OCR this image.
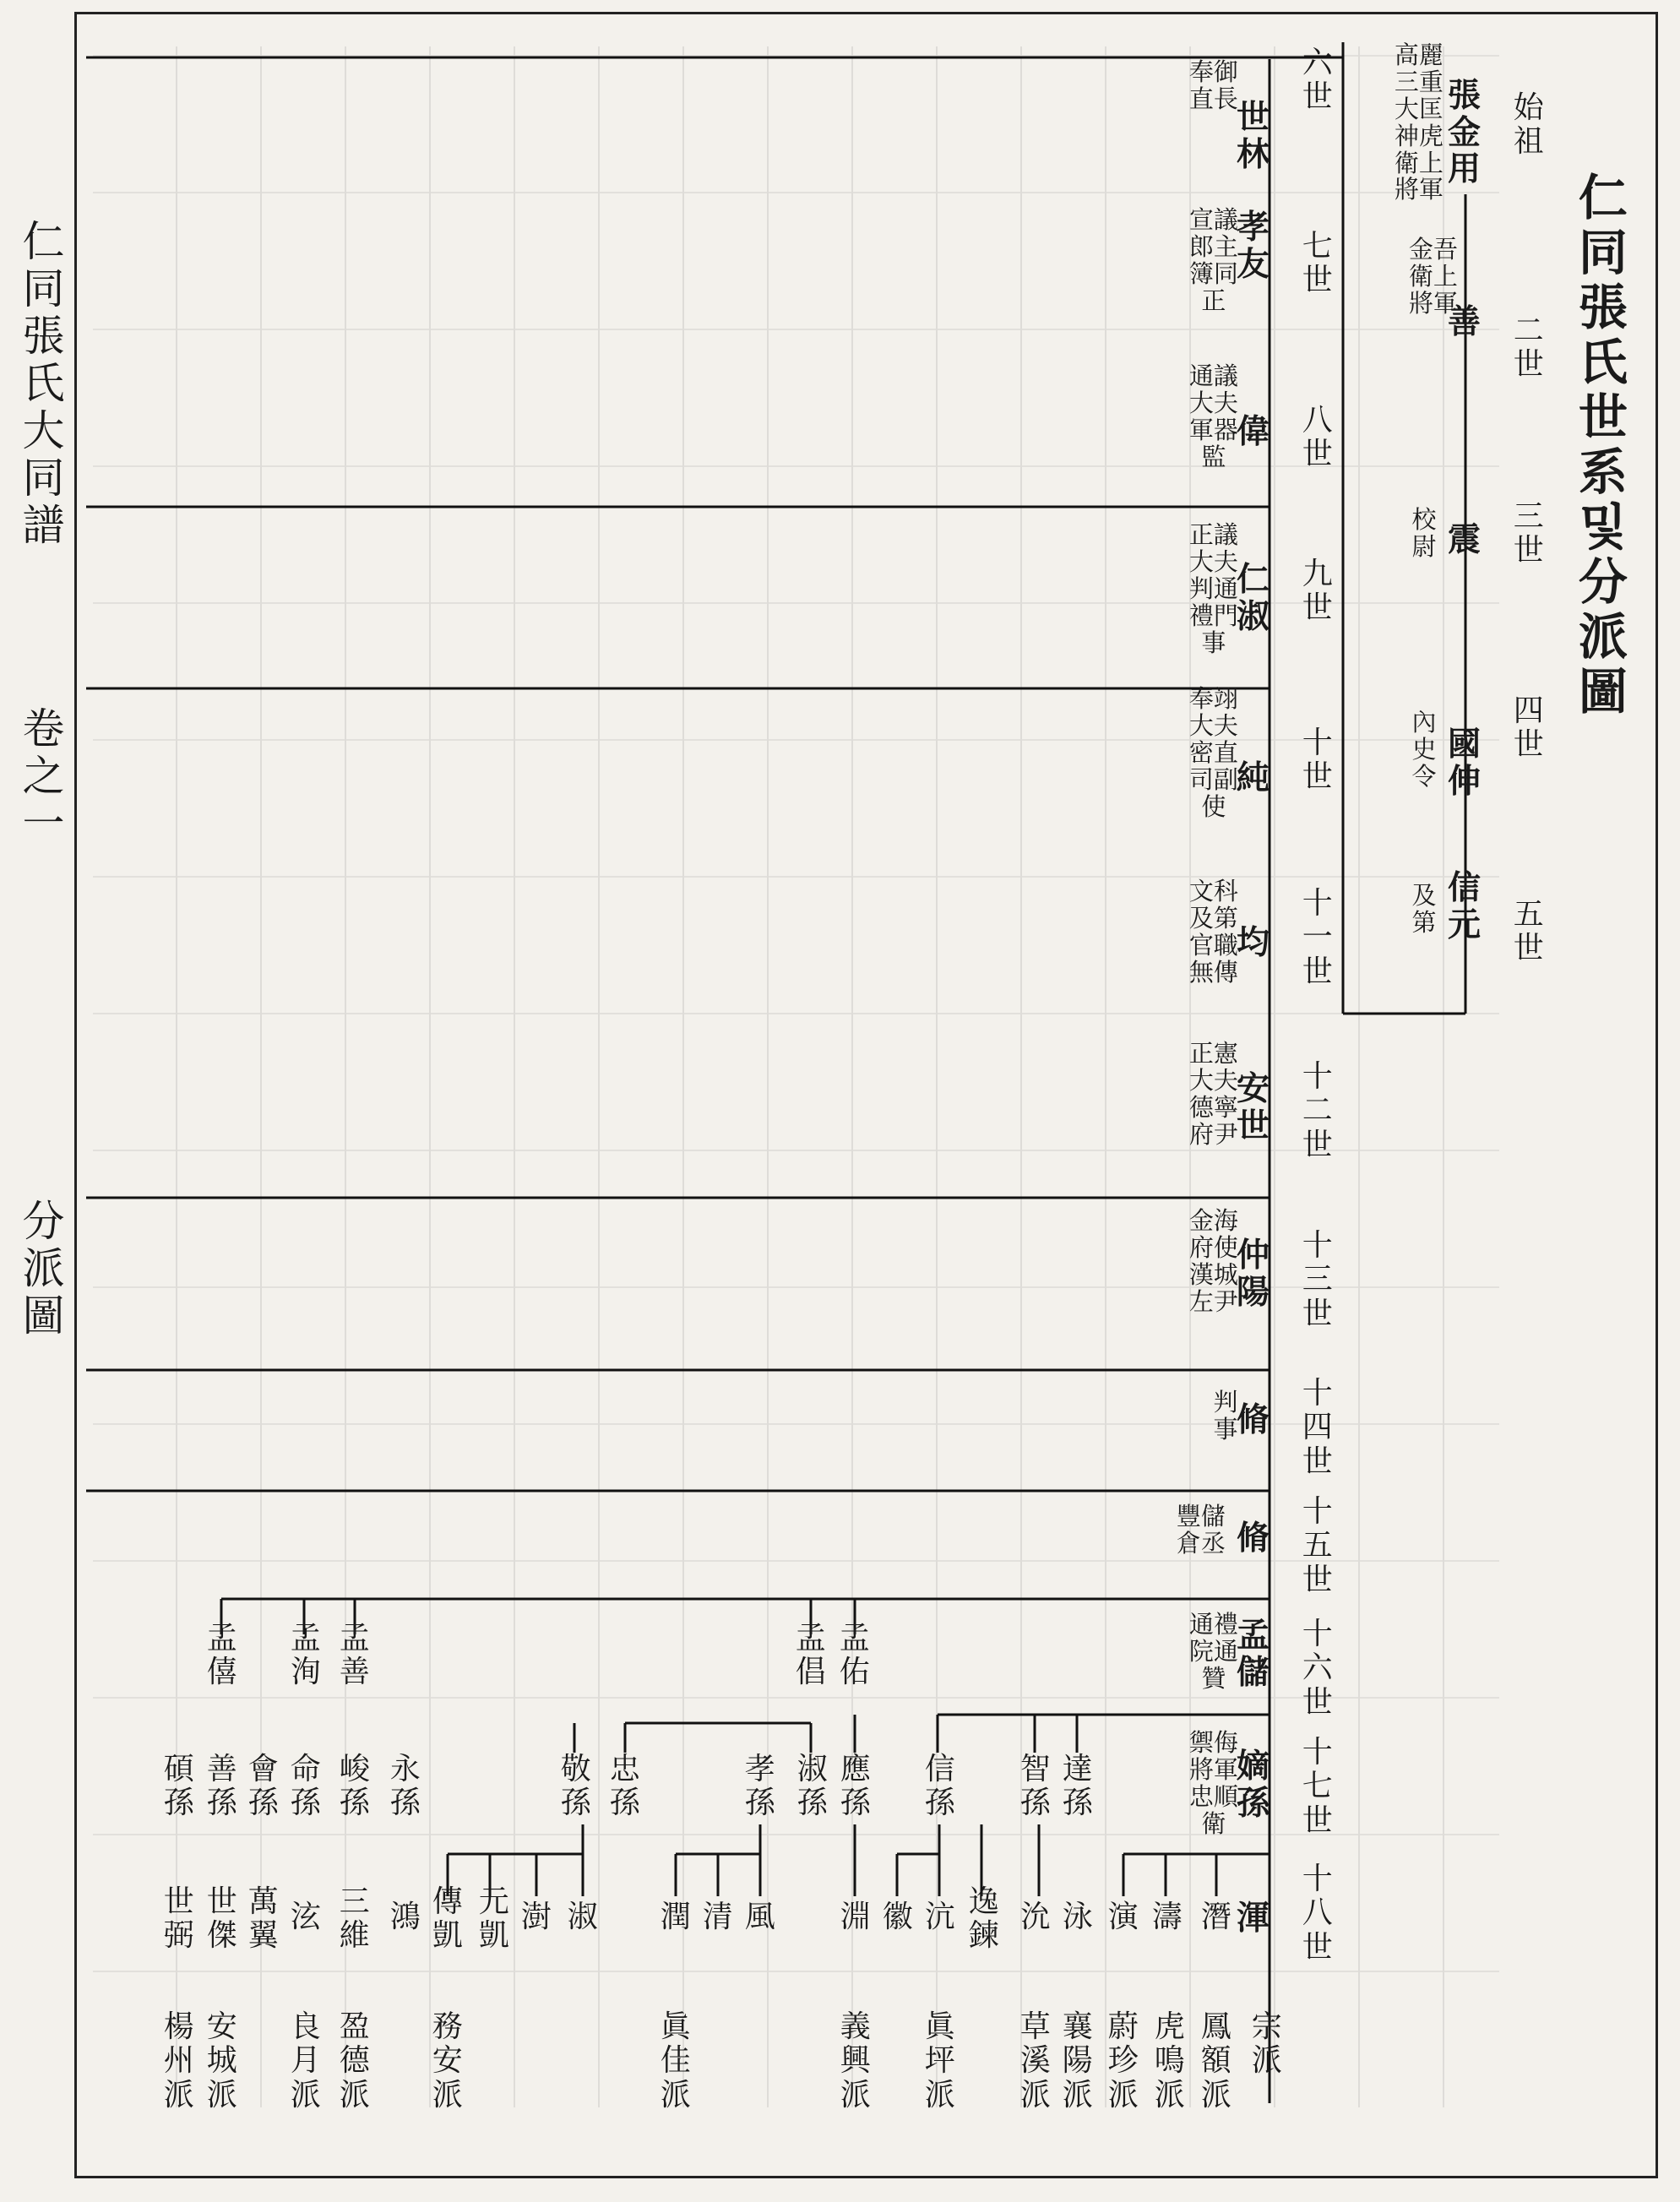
仁同張氏大同譜
卷之一
分派圖
仁同張氏 世系및 分派圖
始祖
二世
三世
四世
五世
六世
七世
八世
九世
十世
十一世
十二世
十三世
十四世
十五世
十六世
十七世
十八世
張金用
高麗三重大匡神虎衛上將軍
善
金吾衛上將軍
震
校尉
國伸
內史令
信元
及第
世林
奉御直長
孝友
宣議郎主簿同正
偉
通議大夫軍器監
仁淑
正議大夫判通禮門事
純
奉翊大夫密直司副使
均
文科及第官職無傳
安世
正憲大夫德寧府尹
仲陽
金海府使漢城左尹
脩
判事
脩
豐儲倉丞
孟儲
通禮院通贊
嫡孫
禦侮將軍忠順衛
渾
孟佑
孟倡
孟善
孟洵
孟僖
達孫
智孫
信孫
應孫
淑孫
孝孫
忠孫
敬孫
永孫
峻孫
命孫
會孫
善孫
碩孫
潛
濤
演
泳
沇
逸鍊
沆
徽
淵
風
清
潤
淑
澍
元凱
傳凱
鴻
三維
泫
萬翼
世傑
世弼
宗派
鳳額派
虎鳴派
蔚珍派
襄陽派
草溪派
眞坪派
義興派
眞佳派
務安派
盈德派
良月派
安城派
楊州派
